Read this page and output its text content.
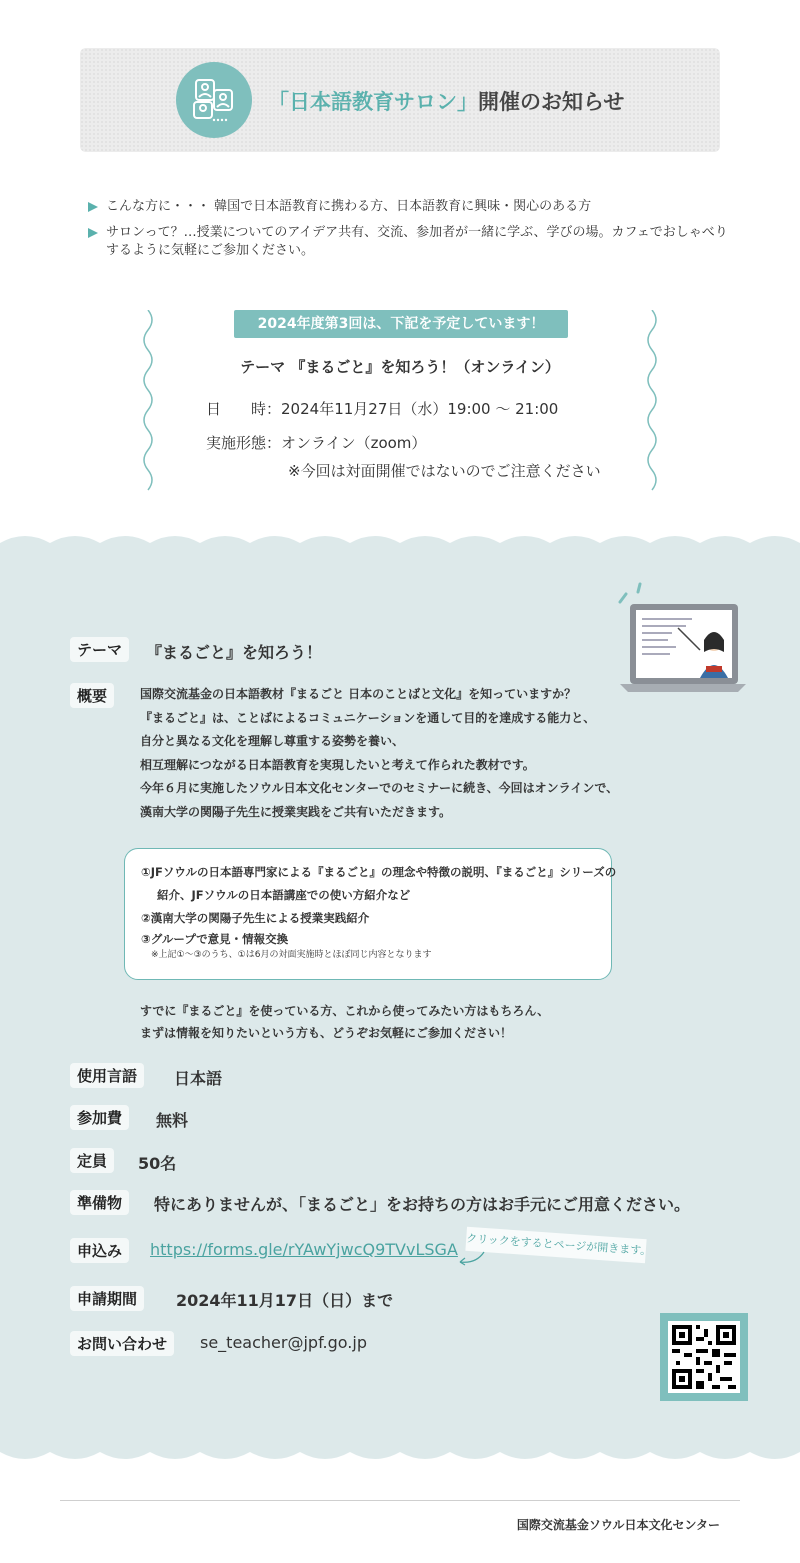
「日本語教育サロン」開催のお知らせ
こんな方に・・・ 韓国で日本語教育に携わる方、日本語教育に興味・関心のある方
サロンって？…授業についてのアイデア共有、交流、参加者が一緒に学ぶ、学びの場。カフェでおしゃべりするように気軽にご参加ください。
2024年度第3回は、下記を予定しています！
テーマ 『まるごと』を知ろう！（オンライン）
日　　時：2024年11月27日（水）19:00 ～ 21:00
実施形態：オンライン（zoom）
※今回は対面開催ではないのでご注意ください
テーマ	『まるごと』を知ろう！
概要	国際交流基金の日本語教材『まるごと 日本のことばと文化』を知っていますか？

『まるごと』は、ことばによるコミュニケーションを通して目的を達成する能力と、

自分と異なる文化を理解し尊重する姿勢を養い、

相互理解につながる日本語教育を実現したいと考えて作られた教材です。

今年６月に実施したソウル日本文化センターでのセミナーに続き、今回はオンラインで、

漢南大学の関陽子先生に授業実践をご共有いただきます。

①JFソウルの日本語専門家による『まるごと』の理念や特徴の説明、『まるごと』シリーズの

紹介、JFソウルの日本語講座での使い方紹介など

②漢南大学の関陽子先生による授業実践紹介

③グループで意見・情報交換

※上記①～③のうち、①は6月の対面実施時とほぼ同じ内容となります

すでに『まるごと』を使っている方、これから使ってみたい方はもちろん、

まずは情報を知りたいという方も、どうぞお気軽にご参加ください！

使用言語	日本語
参加費	無料
定員	50名
準備物	特にありませんが、「まるごと」をお持ちの方はお手元にご用意ください。
申込み	https://forms.gle/rYAwYjwcQ9TVvLSGA クリックをするとページが開きます。
申請期間	2024年11月17日（日）まで
お問い合わせ	se_teacher@jpf.go.jp
国際交流基金ソウル日本文化センター
